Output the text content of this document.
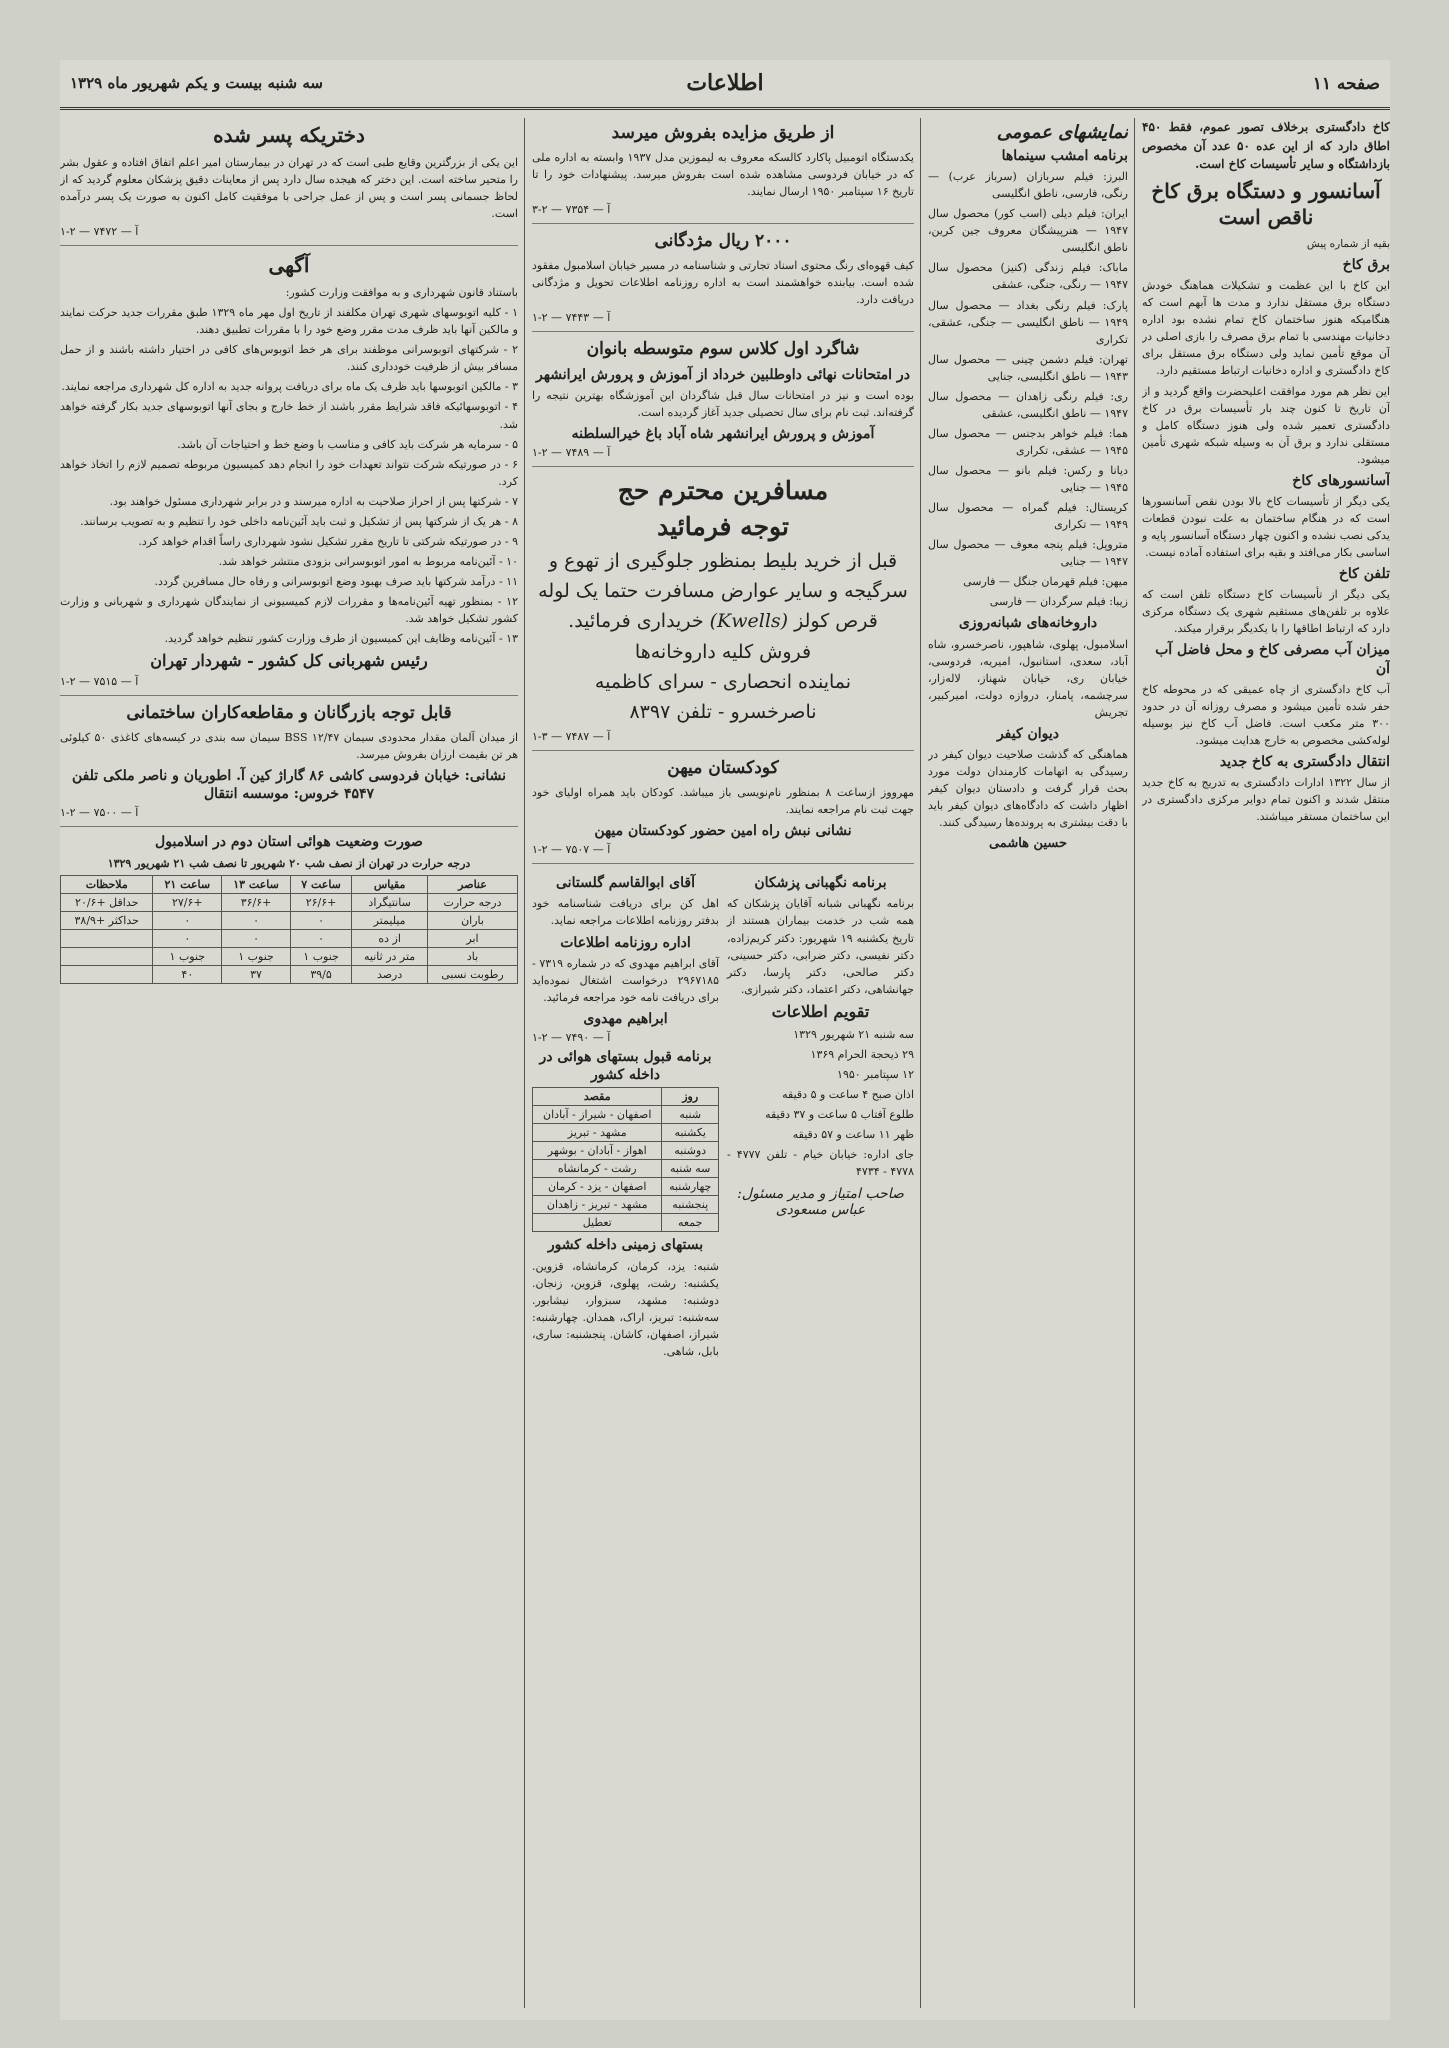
صفحه ۱۱
اطلاعات
سه شنبه بیست و یکم شهریور ماه ۱۳۲۹

کاخ دادگستری برخلاف تصور عموم، فقط ۴۵۰ اطاق دارد که از این عده ۵۰ عدد آن مخصوص بازداشتگاه و سایر تأسیسات کاخ است.

آسانسور و دستگاه برق کاخ ناقص است

بقیه از شماره پیش

برق کاخ

این کاخ با این عظمت و تشکیلات هماهنگ خودش دستگاه برق مستقل ندارد و مدت ها آبهم است که هنگامیکه هنوز ساختمان کاخ تمام نشده بود اداره دخانیات مهندسی با تمام برق مصرف را بازی اصلی در آن موقع تأمین نماید ولی دستگاه برق مستقل برای کاخ دادگستری و اداره دخانیات ارتباط مستقیم دارد.

این نظر هم مورد موافقت اعلیحضرت واقع گردید و از آن تاریخ تا کنون چند بار تأسیسات برق در کاخ دادگستری تعمیر شده ولی هنوز دستگاه کامل و مستقلی ندارد و برق آن به وسیله شبکه شهری تأمین میشود.

آسانسورهای کاخ

یکی دیگر از تأسیسات کاخ بالا بودن نقص آسانسورها است که در هنگام ساختمان به علت نبودن قطعات یدکی نصب نشده و اکنون چهار دستگاه آسانسور پایه و اساسی بکار می‌افتد و بقیه برای استفاده آماده نیست.

تلفن کاخ

یکی دیگر از تأسیسات کاخ دستگاه تلفن است که علاوه بر تلفن‌های مستقیم شهری یک دستگاه مرکزی دارد که ارتباط اطاقها را با یکدیگر برقرار میکند.

میزان آب مصرفی کاخ و محل فاضل آب آن

آب کاخ دادگستری از چاه عمیقی که در محوطه کاخ حفر شده تأمین میشود و مصرف روزانه آن در حدود ۳۰۰ متر مکعب است. فاضل آب کاخ نیز بوسیله لوله‌کشی مخصوص به خارج هدایت میشود.

انتقال دادگستری به کاخ جدید

از سال ۱۳۲۲ ادارات دادگستری به تدریج به کاخ جدید منتقل شدند و اکنون تمام دوایر مرکزی دادگستری در این ساختمان مستقر میباشند.

نمایشهای عمومی
برنامه امشب سینماها

البرز: فیلم سربازان (سرباز عرب) — رنگی، فارسی، ناطق انگلیسی

ایران: فیلم دیلی (اسب کور) محصول سال ۱۹۴۷ — هنرپیشگان معروف جین کرین، ناطق انگلیسی

ماباک: فیلم زندگی (کنیز) محصول سال ۱۹۴۷ — رنگی، جنگی، عشقی

پارک: فیلم رنگی بغداد — محصول سال ۱۹۴۹ — ناطق انگلیسی — جنگی، عشقی، تکراری

تهران: فیلم دشمن چینی — محصول سال ۱۹۴۳ — ناطق انگلیسی، جنایی

ری: فیلم رنگی زاهدان — محصول سال ۱۹۴۷ — ناطق انگلیسی، عشقی

هما: فیلم خواهر بدجنس — محصول سال ۱۹۴۵ — عشقی، تکراری

دیانا و رکس: فیلم بانو — محصول سال ۱۹۴۵ — جنایی

کریستال: فیلم گمراه — محصول سال ۱۹۴۹ — تکراری

متروپل: فیلم پنجه معوف — محصول سال ۱۹۴۷ — جنایی

میهن: فیلم قهرمان جنگل — فارسی

زیبا: فیلم سرگردان — فارسی

داروخانه‌های شبانه‌روزی

اسلامبول، پهلوی، شاهپور، ناصرخسرو، شاه آباد، سعدی، استانبول، امیریه، فردوسی، خیابان ری، خیابان شهناز، لاله‌زار، سرچشمه، پامنار، دروازه دولت، امیرکبیر، تجریش

دیوان کیفر

هماهنگی که گذشت صلاحیت دیوان کیفر در رسیدگی به اتهامات کارمندان دولت مورد بحث قرار گرفت و دادستان دیوان کیفر اظهار داشت که دادگاه‌های دیوان کیفر باید با دقت بیشتری به پرونده‌ها رسیدگی کنند.

حسین هاشمی

از طریق مزایده بفروش میرسد

یکدستگاه اتومبیل پاکارد کالسکه معروف به لیموزین مدل ۱۹۳۷ وابسته به اداره ملی که در خیابان فردوسی مشاهده شده است بفروش میرسد. پیشنهادات خود را تا تاریخ ۱۶ سپتامبر ۱۹۵۰ ارسال نمایند.

آ — ۷۳۵۴ — ۲-۳
۲۰۰۰ ریال مژدگانی

کیف قهوه‌ای رنگ محتوی اسناد تجارتی و شناسنامه در مسیر خیابان اسلامبول مفقود شده است. بیابنده خواهشمند است به اداره روزنامه اطلاعات تحویل و مژدگانی دریافت دارد.

آ — ۷۴۴۳ — ۲-۱
شاگرد اول کلاس سوم متوسطه بانوان
در امتحانات نهائی داوطلبین خرداد از آموزش و پرورش ایرانشهر

بوده است و نیز در امتحانات سال قبل شاگردان این آموزشگاه بهترین نتیجه را گرفته‌اند. ثبت نام برای سال تحصیلی جدید آغاز گردیده است.

آموزش و پرورش ایرانشهر شاه آباد باغ خیرالسلطنه
آ — ۷۴۸۹ — ۲-۱
مسافرین محترم حج
توجه فرمائید
قبل از خرید بلیط بمنظور جلوگیری از تهوع و سرگیجه و سایر عوارض مسافرت حتما یک لوله قرص کولز (Kwells) خریداری فرمائید.
فروش کلیه داروخانه‌ها
نماینده انحصاری - سرای کاظمیه
ناصرخسرو - تلفن ۸۳۹۷
آ — ۷۴۸۷ — ۳-۱
کودکستان میهن

مهرووز ازساعت ۸ بمنظور نام‌نویسی باز میباشد. کودکان باید همراه اولیای خود جهت ثبت نام مراجعه نمایند.

نشانی نبش راه امین حضور کودکستان میهن
آ — ۷۵۰۷ — ۲-۱
برنامه نگهبانی پزشکان

برنامه نگهبانی شبانه آقایان پزشکان که همه شب در خدمت بیماران هستند از تاریخ یکشنبه ۱۹ شهریور: دکتر کریم‌زاده، دکتر نفیسی، دکتر ضرابی، دکتر حسینی، دکتر صالحی، دکتر پارسا، دکتر جهانشاهی، دکتر اعتماد، دکتر شیرازی.

تقویم اطلاعات

سه شنبه ۲۱ شهریور ۱۳۲۹

۲۹ ذیحجة الحرام ۱۳۶۹

۱۲ سپتامبر ۱۹۵۰

اذان صبح ۴ ساعت و ۵ دقیقه

طلوع آفتاب ۵ ساعت و ۳۷ دقیقه

ظهر ۱۱ ساعت و ۵۷ دقیقه

جای اداره: خیابان خیام - تلفن ۴۷۷۷ - ۴۷۷۸ - ۴۷۳۴

صاحب امتیاز و مدیر مسئول: عباس مسعودی
آقای ابوالقاسم گلستانی

اهل کن برای دریافت شناسنامه خود بدفتر روزنامه اطلاعات مراجعه نماید.

اداره روزنامه اطلاعات

آقای ابراهیم مهدوی که در شماره ۷۳۱۹ - ۲۹۶۷۱۸۵ درخواست اشتغال نموده‌اید برای دریافت نامه خود مراجعه فرمائید.

ابراهیم مهدوی
آ — ۷۴۹۰ — ۲-۱
برنامه قبول بستهای هوائی در داخله کشور
روز	مقصد
شنبه	اصفهان - شیراز - آبادان
یکشنبه	مشهد - تبریز
دوشنبه	اهواز - آبادان - بوشهر
سه شنبه	رشت - کرمانشاه
چهارشنبه	اصفهان - یزد - کرمان
پنجشنبه	مشهد - تبریز - زاهدان
جمعه	تعطیل
بستهای زمینی داخله کشور

شنبه: یزد، کرمان، کرمانشاه، قزوین. یکشنبه: رشت، پهلوی، قزوین، زنجان. دوشنبه: مشهد، سبزوار، نیشابور. سه‌شنبه: تبریز، اراک، همدان. چهارشنبه: شیراز، اصفهان، کاشان. پنجشنبه: ساری، بابل، شاهی.

دختریکه پسر شده

این یکی از بزرگترین وقایع طبی است که در تهران در بیمارستان امیر اعلم اتفاق افتاده و عقول بشر را متحیر ساخته است. این دختر که هیجده سال دارد پس از معاینات دقیق پزشکان معلوم گردید که از لحاظ جسمانی پسر است و پس از عمل جراحی با موفقیت کامل اکنون به صورت یک پسر درآمده است.

آ — ۷۴۷۲ — ۲-۱
آگهی

باستناد قانون شهرداری و به موافقت وزارت کشور:

۱ - کلیه اتوبوسهای شهری تهران مکلفند از تاریخ اول مهر ماه ۱۳۲۹ طبق مقررات جدید حرکت نمایند و مالکین آنها باید ظرف مدت مقرر وضع خود را با مقررات تطبیق دهند.

۲ - شرکتهای اتوبوسرانی موظفند برای هر خط اتوبوس‌های کافی در اختیار داشته باشند و از حمل مسافر بیش از ظرفیت خودداری کنند.

۳ - مالکین اتوبوسها باید ظرف یک ماه برای دریافت پروانه جدید به اداره کل شهرداری مراجعه نمایند.

۴ - اتوبوسهائیکه فاقد شرایط مقرر باشند از خط خارج و بجای آنها اتوبوسهای جدید بکار گرفته خواهد شد.

۵ - سرمایه هر شرکت باید کافی و مناسب با وضع خط و احتیاجات آن باشد.

۶ - در صورتیکه شرکت نتواند تعهدات خود را انجام دهد کمیسیون مربوطه تصمیم لازم را اتخاذ خواهد کرد.

۷ - شرکتها پس از احراز صلاحیت به اداره میرسند و در برابر شهرداری مسئول خواهند بود.

۸ - هر یک از شرکتها پس از تشکیل و ثبت باید آئین‌نامه داخلی خود را تنظیم و به تصویب برسانند.

۹ - در صورتیکه شرکتی تا تاریخ مقرر تشکیل نشود شهرداری راساً اقدام خواهد کرد.

۱۰ - آئین‌نامه مربوط به امور اتوبوسرانی بزودی منتشر خواهد شد.

۱۱ - درآمد شرکتها باید صرف بهبود وضع اتوبوسرانی و رفاه حال مسافرین گردد.

۱۲ - بمنظور تهیه آئین‌نامه‌ها و مقررات لازم کمیسیونی از نمایندگان شهرداری و شهربانی و وزارت کشور تشکیل خواهد شد.

۱۳ - آئین‌نامه وظایف این کمیسیون از طرف وزارت کشور تنظیم خواهد گردید.

رئیس شهربانی کل کشور - شهردار تهران
آ — ۷۵۱۵ — ۲-۱
قابل توجه بازرگانان و مقاطعه‌کاران ساختمانی

از میدان آلمان مقدار محدودی سیمان BSS ۱۲/۴۷ سیمان سه بندی در کیسه‌های کاغذی ۵۰ کیلوئی هر تن بقیمت ارزان بفروش میرسد.

نشانی: خیابان فردوسی کاشی ۸۶ گاراژ کین آ. اطوریان و ناصر ملکی تلفن ۴۵۴۷ خروس: موسسه انتقال
آ — ۷۵۰۰ — ۲-۱
صورت وضعیت هوائی استان دوم در اسلامبول

درجه حرارت در تهران از نصف شب ۲۰ شهریور تا نصف شب ۲۱ شهریور ۱۳۲۹

عناصر	مقیاس	ساعت ۷	ساعت ۱۳	ساعت ۲۱	ملاحظات
درجه حرارت	سانتیگراد	+۲۶/۶	+۳۶/۶	+۲۷/۶	حداقل +۲۰/۶
باران	میلیمتر	۰	۰	۰	حداکثر +۳۸/۹
ابر	از ده	۰	۰	۰	
باد	متر در ثانیه	جنوب ۱	جنوب ۱	جنوب ۱	
رطوبت نسبی	درصد	۳۹/۵	۳۷	۴۰	
